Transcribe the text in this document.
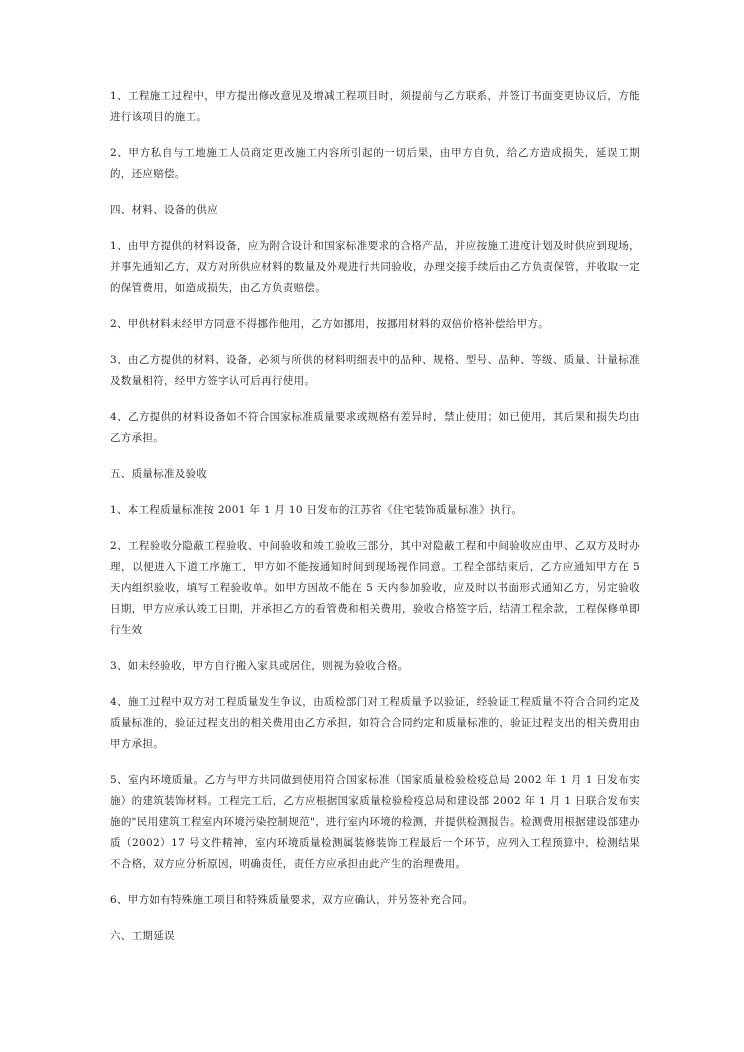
1、工程施工过程中，甲方提出修改意见及增减工程项目时，须提前与乙方联系，并签订书面变更协议后，方能进行该项目的施工。

2、甲方私自与工地施工人员商定更改施工内容所引起的一切后果，由甲方自负，给乙方造成损失，延误工期的，还应赔偿。

四、材料、设备的供应

1、由甲方提供的材料设备，应为附合设计和国家标准要求的合格产品，并应按施工进度计划及时供应到现场，并事先通知乙方，双方对所供应材料的数量及外观进行共同验收，办理交接手续后由乙方负责保管，并收取一定的保管费用，如造成损失，由乙方负责赔偿。

2、甲供材料未经甲方同意不得挪作他用，乙方如挪用，按挪用材料的双倍价格补偿给甲方。

3、由乙方提供的材料、设备，必须与所供的材料明细表中的品种、规格、型号、品种、等级、质量、计量标准及数量相符，经甲方签字认可后再行使用。

4、乙方提供的材料设备如不符合国家标准质量要求或规格有差异时，禁止使用；如已使用，其后果和损失均由乙方承担。

五、质量标准及验收

1、本工程质量标准按 2001 年 1 月 10 日发布的江苏省《住宅装饰质量标准》执行。

2、工程验收分隐蔽工程验收、中间验收和竣工验收三部分，其中对隐蔽工程和中间验收应由甲、乙双方及时办理，以便进入下道工序施工，甲方如不能按通知时间到现场视作同意。工程全部结束后，乙方应通知甲方在 5 天内组织验收，填写工程验收单。如甲方因故不能在 5 天内参加验收，应及时以书面形式通知乙方，另定验收日期，甲方应承认竣工日期，并承担乙方的看管费和相关费用，验收合格签字后，结清工程余款，工程保修单即行生效

3、如未经验收，甲方自行搬入家具或居住，则视为验收合格。

4、施工过程中双方对工程质量发生争议，由质检部门对工程质量予以验证，经验证工程质量不符合合同约定及质量标准的，验证过程支出的相关费用由乙方承担，如符合合同约定和质量标准的，验证过程支出的相关费用由甲方承担。

5、室内环境质量。乙方与甲方共同做到使用符合国家标准（国家质量检验检疫总局 2002 年 1 月 1 日发布实施）的建筑装饰材料。工程完工后，乙方应根据国家质量检验检疫总局和建设部 2002 年 1 月 1 日联合发布实施的"民用建筑工程室内环境污染控制规范"，进行室内环境的检测，并提供检测报告。检测费用根据建设部建办质（2002）17 号文件精神，室内环境质量检测属装修装饰工程最后一个环节，应列入工程预算中，检测结果不合格，双方应分析原因，明确责任，责任方应承担由此产生的治理费用。

6、甲方如有特殊施工项目和特殊质量要求，双方应确认，并另签补充合同。

六、工期延误
